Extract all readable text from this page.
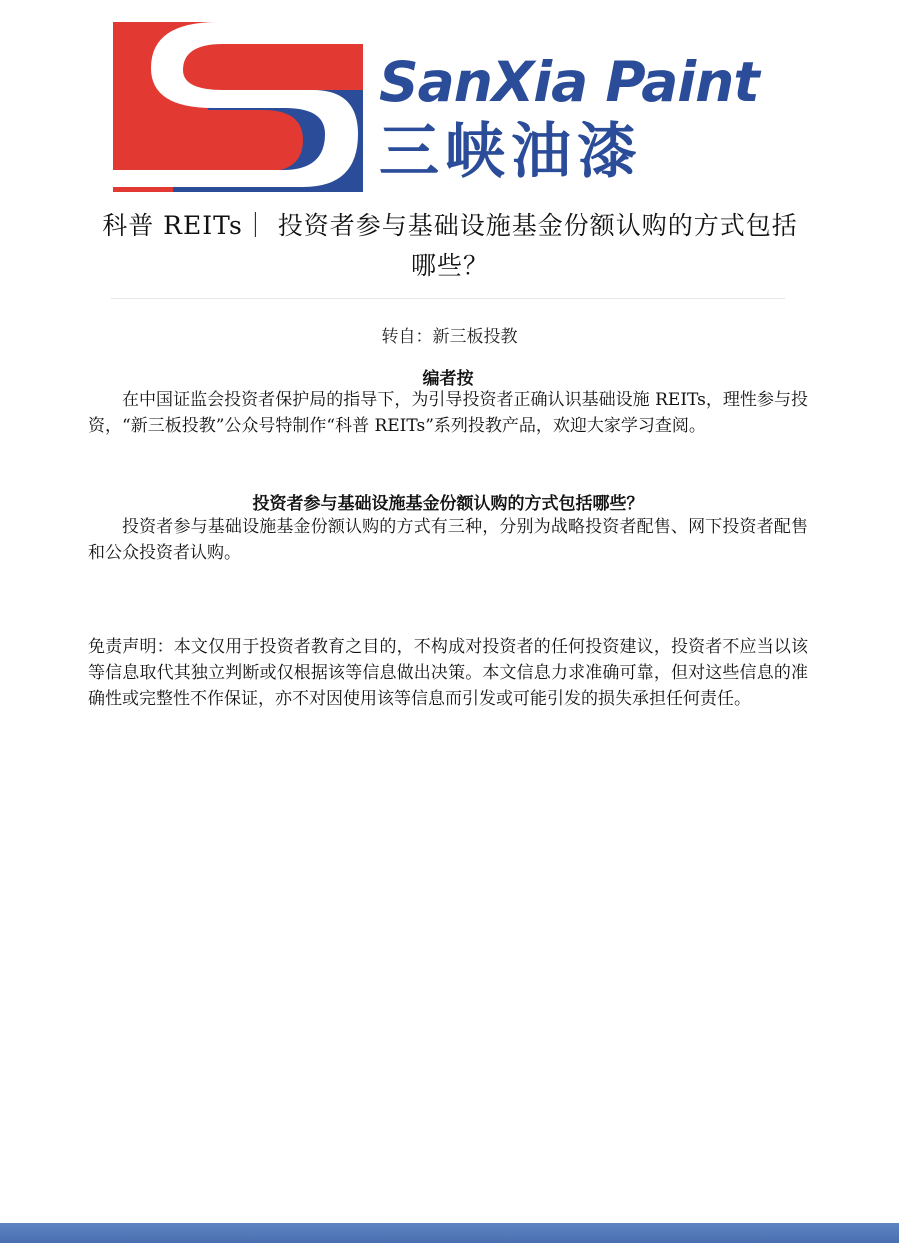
SanXia Paint
三峡油漆
科普 REITs｜ 投资者参与基础设施基金份额认购的方式包括哪些？
转自：新三板投教
编者按

在中国证监会投资者保护局的指导下，为引导投资者正确认识基础设施 REITs，理性参与投资，“新三板投教”公众号特制作“科普 REITs”系列投教产品，欢迎大家学习查阅。

投资者参与基础设施基金份额认购的方式包括哪些？

投资者参与基础设施基金份额认购的方式有三种，分别为战略投资者配售、网下投资者配售和公众投资者认购。

免责声明：本文仅用于投资者教育之目的，不构成对投资者的任何投资建议，投资者不应当以该等信息取代其独立判断或仅根据该等信息做出决策。本文信息力求准确可靠，但对这些信息的准确性或完整性不作保证，亦不对因使用该等信息而引发或可能引发的损失承担任何责任。
